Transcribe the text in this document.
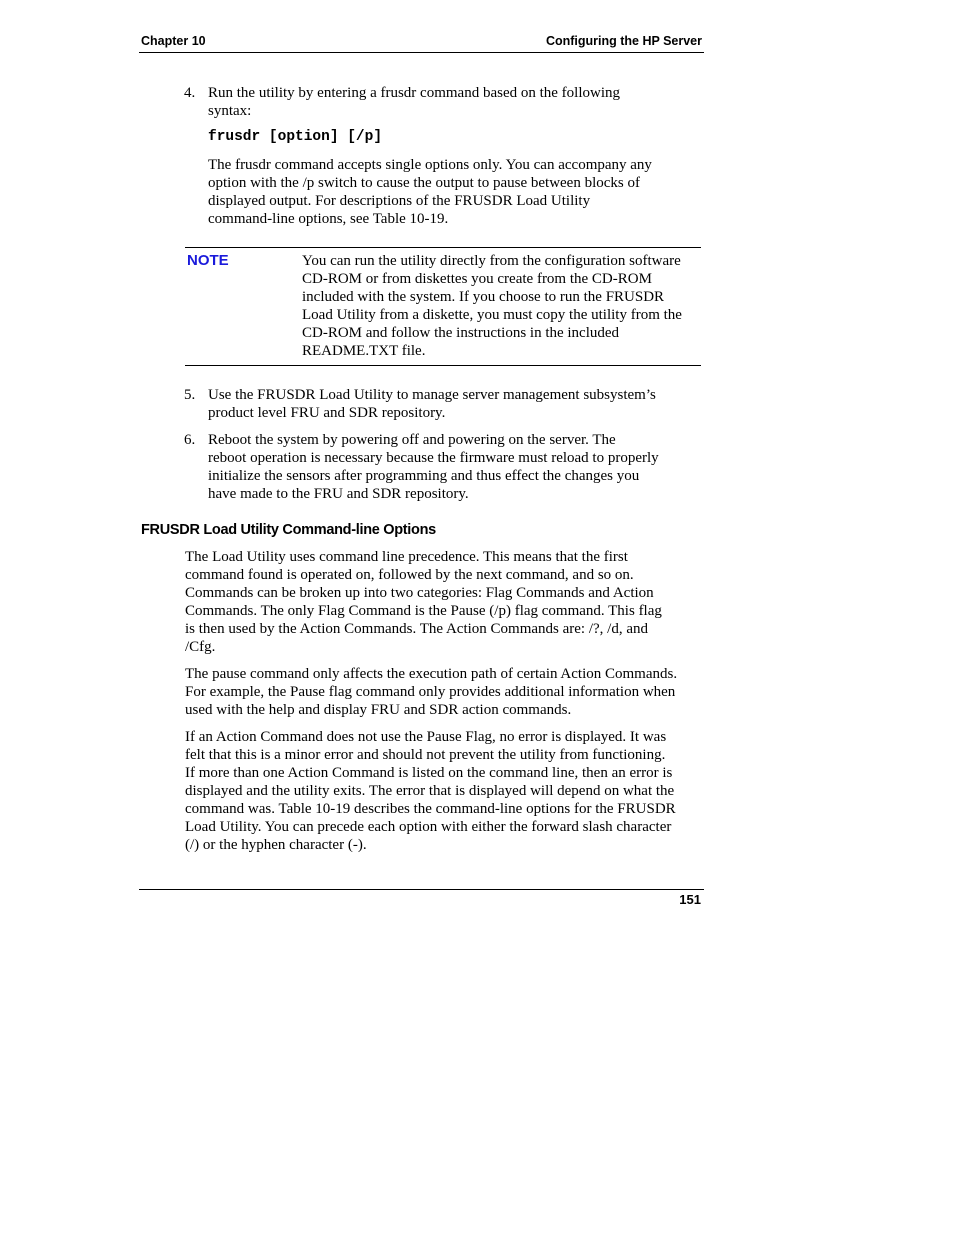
Chapter 10	Configuring the HP Server
4. Run the utility by entering a frusdr command based on the following
syntax:
frusdr [option] [/p]
The frusdr command accepts single options only. You can accompany any
option with the /p switch to cause the output to pause between blocks of
displayed output. For descriptions of the FRUSDR Load Utility
command-line options, see Table 10-19.
NOTE	You can run the utility directly from the configuration software
CD-ROM or from diskettes you create from the CD-ROM
included with the system. If you choose to run the FRUSDR
Load Utility from a diskette, you must copy the utility from the
CD-ROM and follow the instructions in the included
README.TXT file.
5. Use the FRUSDR Load Utility to manage server management subsystem’s
product level FRU and SDR repository.
6. Reboot the system by powering off and powering on the server. The
reboot operation is necessary because the firmware must reload to properly
initialize the sensors after programming and thus effect the changes you
have made to the FRU and SDR repository.
FRUSDR Load Utility Command-line Options
The Load Utility uses command line precedence. This means that the first
command found is operated on, followed by the next command, and so on.
Commands can be broken up into two categories: Flag Commands and Action
Commands. The only Flag Command is the Pause (/p) flag command. This flag
is then used by the Action Commands. The Action Commands are: /?, /d, and
/Cfg.
The pause command only affects the execution path of certain Action Commands.
For example, the Pause flag command only provides additional information when
used with the help and display FRU and SDR action commands.
If an Action Command does not use the Pause Flag, no error is displayed. It was
felt that this is a minor error and should not prevent the utility from functioning.
If more than one Action Command is listed on the command line, then an error is
displayed and the utility exits. The error that is displayed will depend on what the
command was. Table 10-19 describes the command-line options for the FRUSDR
Load Utility. You can precede each option with either the forward slash character
(/) or the hyphen character (-).
151
